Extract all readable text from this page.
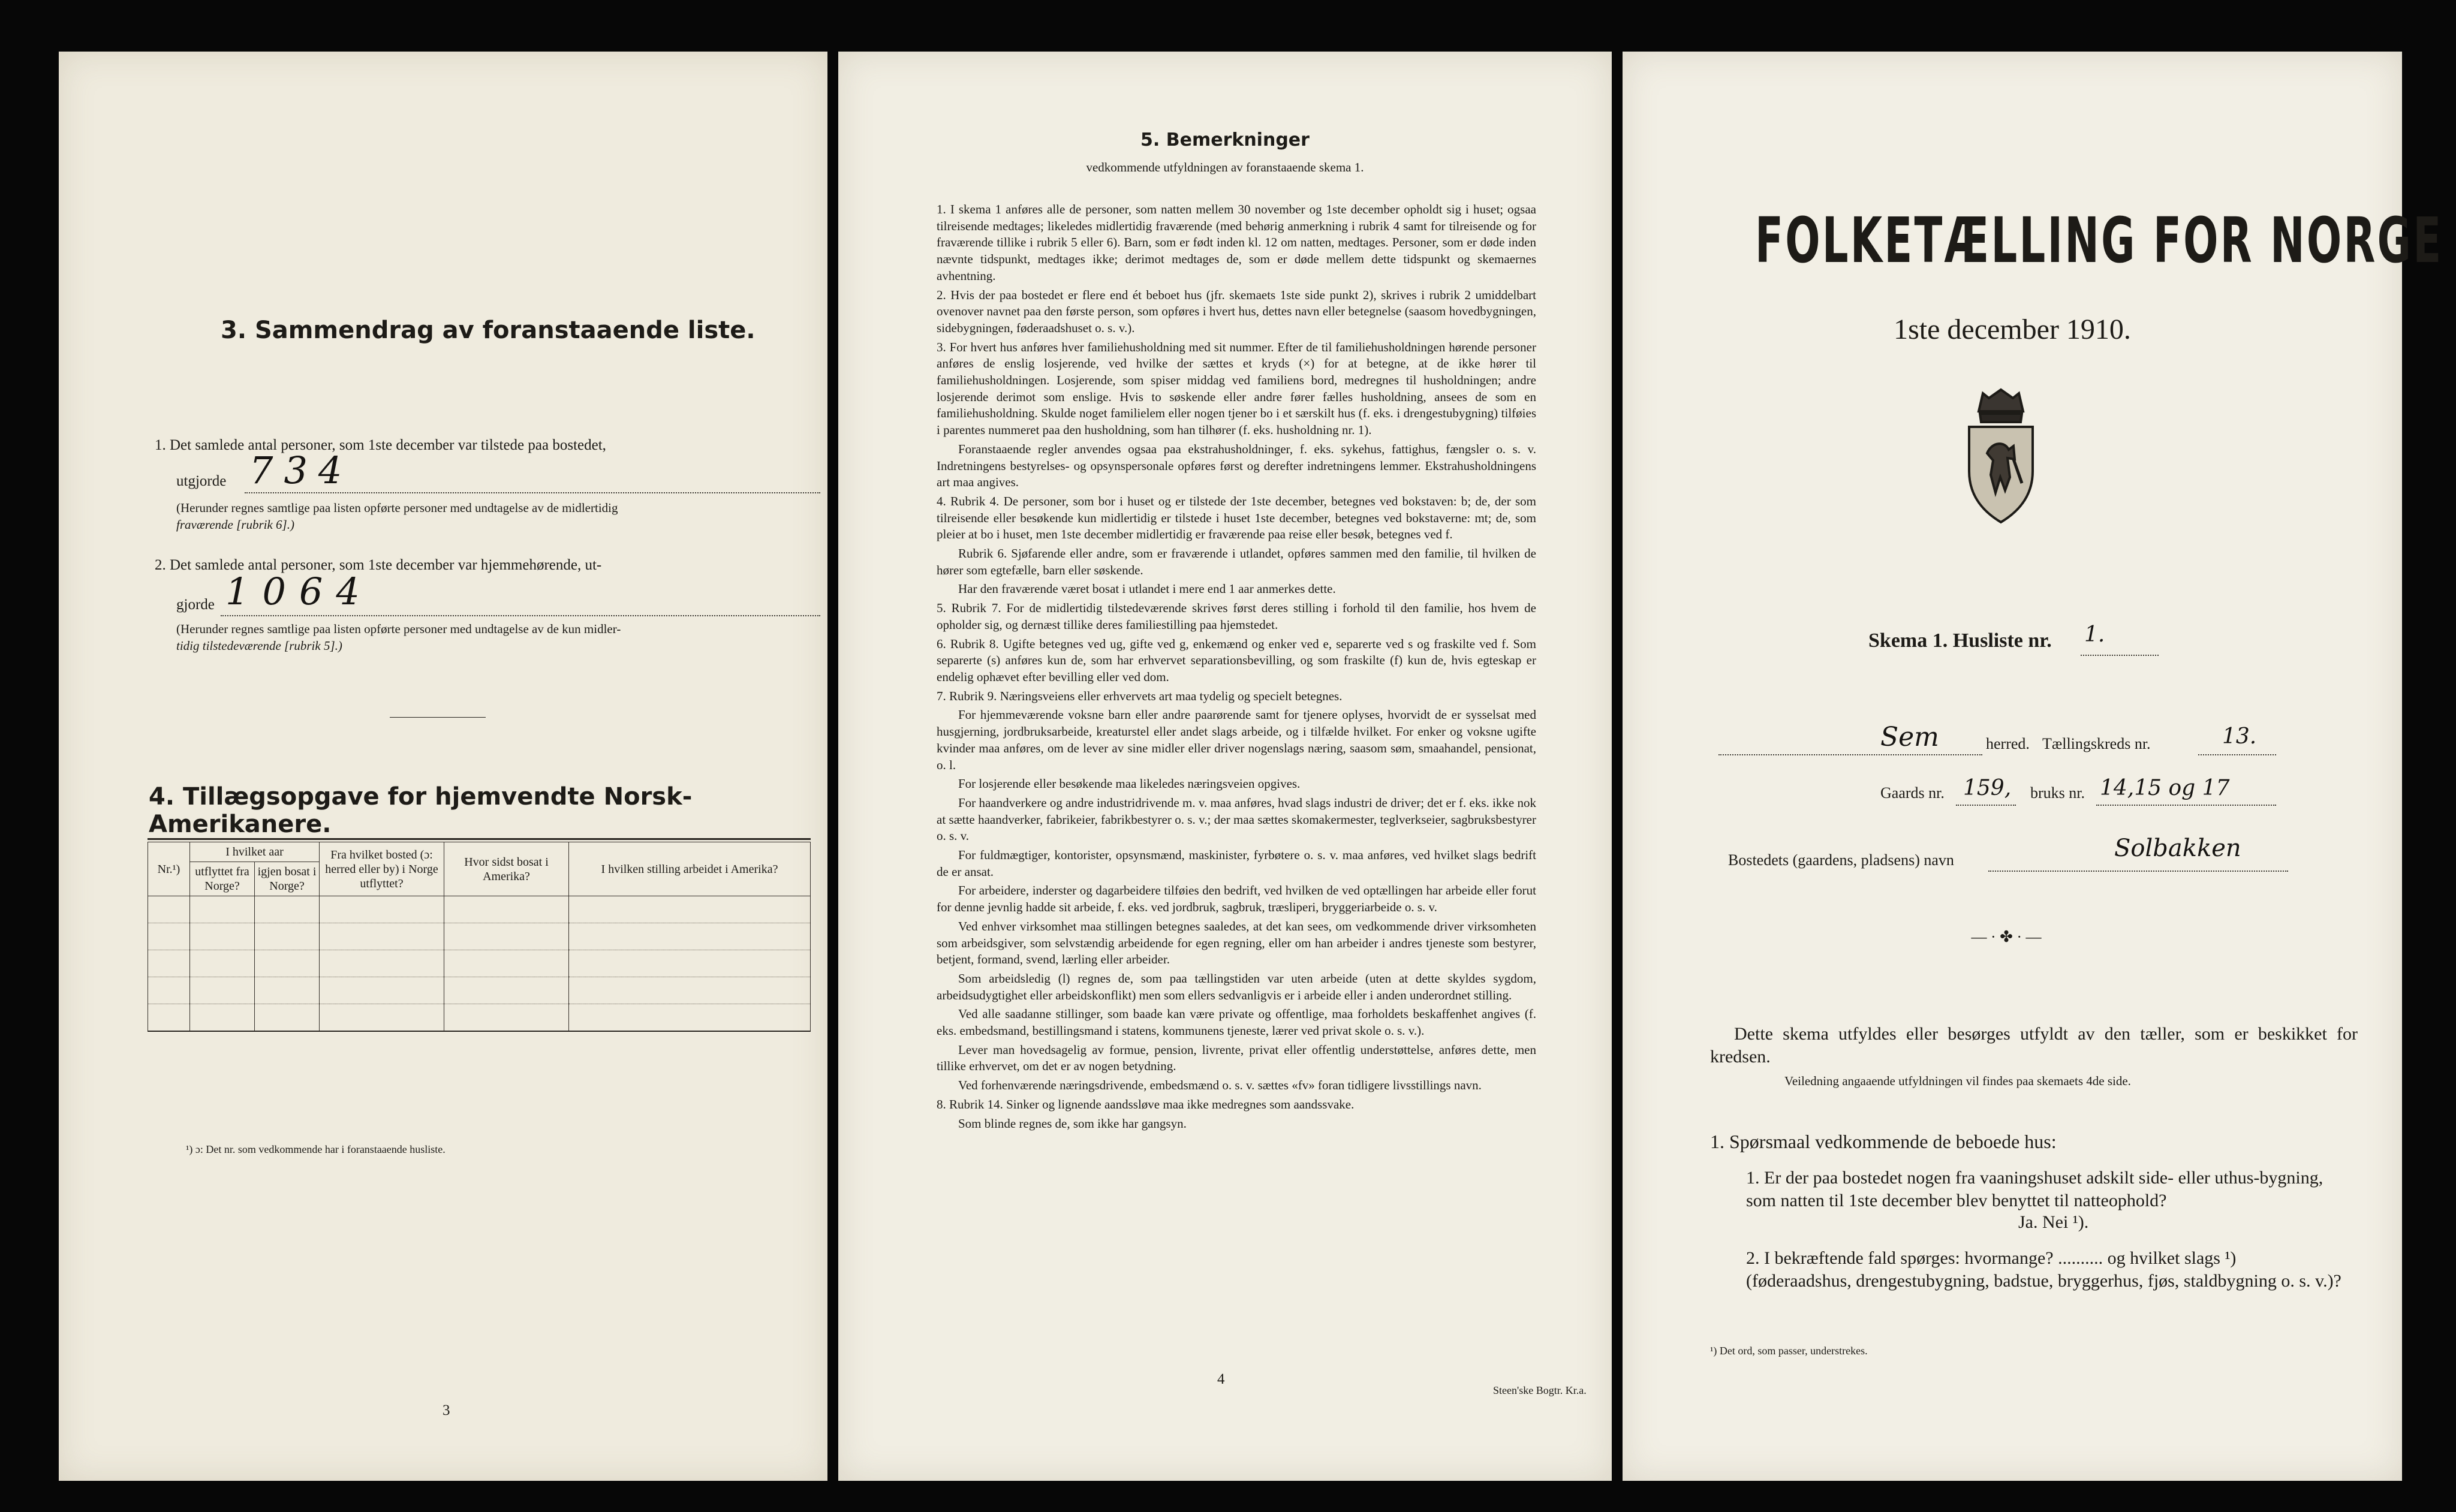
3. Sammendrag av foranstaaende liste.
1. Det samlede antal personer, som 1ste december var tilstede paa bostedet,
utgjorde 734
(Herunder regnes samtlige paa listen opførte personer med undtagelse av de midlertidig
fraværende [rubrik 6].)
2. Det samlede antal personer, som 1ste december var hjemmehørende, ut-
gjorde 1064
(Herunder regnes samtlige paa listen opførte personer med undtagelse av de kun midler-
tidig tilstedeværende [rubrik 5].)
4. Tillægsopgave for hjemvendte Norsk-Amerikanere.
Nr.¹)	I hvilket aar		Fra hvilket bosted (ɔ: herred eller by) i Norge utflyttet?	Hvor sidst bosat i Amerika?	I hvilken stilling arbeidet i Amerika?
	utflyttet fra Norge?	igjen bosat i Norge?			

¹) ɔ: Det nr. som vedkommende har i foranstaaende husliste.
3
5. Bemerkninger
vedkommende utfyldningen av foranstaaende skema 1.

1. I skema 1 anføres alle de personer, som natten mellem 30 november og 1ste december opholdt sig i huset; ogsaa tilreisende medtages; likeledes midlertidig fraværende (med behørig anmerkning i rubrik 4 samt for tilreisende og for fraværende tillike i rubrik 5 eller 6). Barn, som er født inden kl. 12 om natten, medtages. Personer, som er døde inden nævnte tidspunkt, medtages ikke; derimot medtages de, som er døde mellem dette tidspunkt og skemaernes avhentning.

2. Hvis der paa bostedet er flere end ét beboet hus (jfr. skemaets 1ste side punkt 2), skrives i rubrik 2 umiddelbart ovenover navnet paa den første person, som opføres i hvert hus, dettes navn eller betegnelse (saasom hovedbygningen, sidebygningen, føderaadshuset o. s. v.).

3. For hvert hus anføres hver familiehusholdning med sit nummer. Efter de til familiehusholdningen hørende personer anføres de enslig losjerende, ved hvilke der sættes et kryds (×) for at betegne, at de ikke hører til familiehusholdningen. Losjerende, som spiser middag ved familiens bord, medregnes til husholdningen; andre losjerende derimot som enslige. Hvis to søskende eller andre fører fælles husholdning, ansees de som en familiehusholdning. Skulde noget familielem eller nogen tjener bo i et særskilt hus (f. eks. i drengestubygning) tilføies i parentes nummeret paa den husholdning, som han tilhører (f. eks. husholdning nr. 1).

Foranstaaende regler anvendes ogsaa paa ekstrahusholdninger, f. eks. sykehus, fattighus, fængsler o. s. v. Indretningens bestyrelses- og opsynspersonale opføres først og derefter indretningens lemmer. Ekstrahusholdningens art maa angives.

4. Rubrik 4. De personer, som bor i huset og er tilstede der 1ste december, betegnes ved bokstaven: b; de, der som tilreisende eller besøkende kun midlertidig er tilstede i huset 1ste december, betegnes ved bokstaverne: mt; de, som pleier at bo i huset, men 1ste december midlertidig er fraværende paa reise eller besøk, betegnes ved f.

Rubrik 6. Sjøfarende eller andre, som er fraværende i utlandet, opføres sammen med den familie, til hvilken de hører som egtefælle, barn eller søskende.

Har den fraværende været bosat i utlandet i mere end 1 aar anmerkes dette.

5. Rubrik 7. For de midlertidig tilstedeværende skrives først deres stilling i forhold til den familie, hos hvem de opholder sig, og dernæst tillike deres familiestilling paa hjemstedet.

6. Rubrik 8. Ugifte betegnes ved ug, gifte ved g, enkemænd og enker ved e, separerte ved s og fraskilte ved f. Som separerte (s) anføres kun de, som har erhvervet separationsbevilling, og som fraskilte (f) kun de, hvis egteskap er endelig ophævet efter bevilling eller ved dom.

7. Rubrik 9. Næringsveiens eller erhvervets art maa tydelig og specielt betegnes.

For hjemmeværende voksne barn eller andre paarørende samt for tjenere oplyses, hvorvidt de er sysselsat med husgjerning, jordbruksarbeide, kreaturstel eller andet slags arbeide, og i tilfælde hvilket. For enker og voksne ugifte kvinder maa anføres, om de lever av sine midler eller driver nogenslags næring, saasom søm, smaahandel, pensionat, o. l.

For losjerende eller besøkende maa likeledes næringsveien opgives.

For haandverkere og andre industridrivende m. v. maa anføres, hvad slags industri de driver; det er f. eks. ikke nok at sætte haandverker, fabrikeier, fabrikbestyrer o. s. v.; der maa sættes skomakermester, teglverkseier, sagbruksbestyrer o. s. v.

For fuldmægtiger, kontorister, opsynsmænd, maskinister, fyrbøtere o. s. v. maa anføres, ved hvilket slags bedrift de er ansat.

For arbeidere, inderster og dagarbeidere tilføies den bedrift, ved hvilken de ved optællingen har arbeide eller forut for denne jevnlig hadde sit arbeide, f. eks. ved jordbruk, sagbruk, træsliperi, bryggeriarbeide o. s. v.

Ved enhver virksomhet maa stillingen betegnes saaledes, at det kan sees, om vedkommende driver virksomheten som arbeidsgiver, som selvstændig arbeidende for egen regning, eller om han arbeider i andres tjeneste som bestyrer, betjent, formand, svend, lærling eller arbeider.

Som arbeidsledig (l) regnes de, som paa tællingstiden var uten arbeide (uten at dette skyldes sygdom, arbeidsudygtighet eller arbeidskonflikt) men som ellers sedvanligvis er i arbeide eller i anden underordnet stilling.

Ved alle saadanne stillinger, som baade kan være private og offentlige, maa forholdets beskaffenhet angives (f. eks. embedsmand, bestillingsmand i statens, kommunens tjeneste, lærer ved privat skole o. s. v.).

Lever man hovedsagelig av formue, pension, livrente, privat eller offentlig understøttelse, anføres dette, men tillike erhvervet, om det er av nogen betydning.

Ved forhenværende næringsdrivende, embedsmænd o. s. v. sættes «fv» foran tidligere livsstillings navn.

8. Rubrik 14. Sinker og lignende aandssløve maa ikke medregnes som aandssvake.

Som blinde regnes de, som ikke har gangsyn.

4
Steen'ske Bogtr. Kr.a.
FOLKETÆLLING FOR NORGE
1ste december 1910.
Skema 1. Husliste nr. 1.
Sem	herred. Tællingskreds nr.	13.
Gaards nr. 159, bruks nr. 14,15 og 17
Bostedets (gaardens, pladsens) navn	Solbakken
— · ✤ · —
Dette skema utfyldes eller besørges utfyldt av den tæller, som er beskikket for kredsen.
Veiledning angaaende utfyldningen vil findes paa skemaets 4de side.
1. Spørsmaal vedkommende de beboede hus:

1. Er der paa bostedet nogen fra vaaningshuset adskilt side- eller uthus-bygning, som natten til 1ste december blev benyttet til natteophold?

Ja. Nei ¹).

2. I bekræftende fald spørges: hvormange? .......... og hvilket slags ¹) (føderaadshus, drengestubygning, badstue, bryggerhus, fjøs, staldbygning o. s. v.)?

¹) Det ord, som passer, understrekes.
